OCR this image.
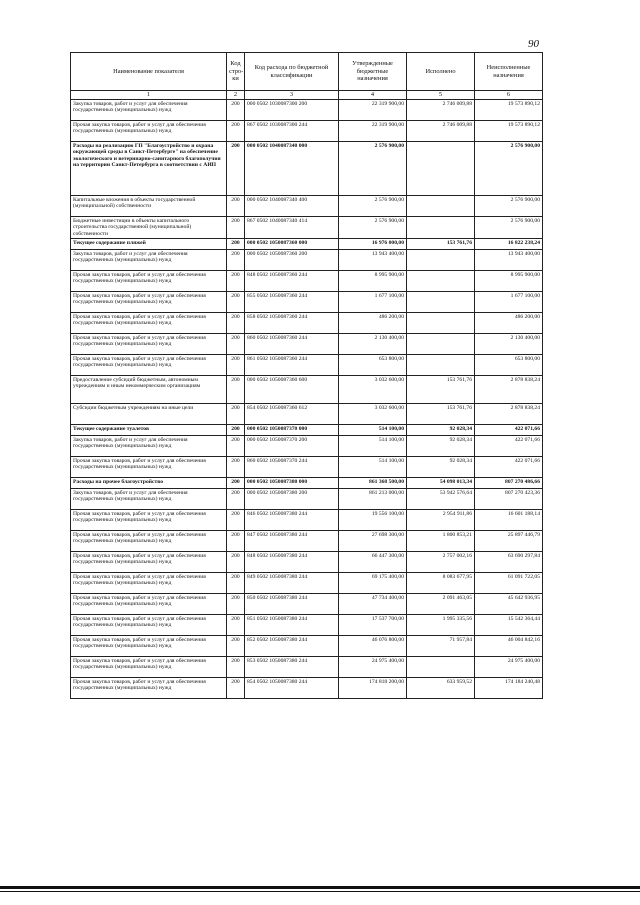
90
Наименование показателя	Код стро-ки	Код расхода по бюджетной классификации	Утвержденные бюджетные назначения	Исполнено	Неисполненные назначения
1	2	3	4	5	6
Закупка товаров, работ и услуг для обеспечения государственных (муниципальных) нужд	200	000 0502 1030087300 200	22 319 900,00	2 746 009,88	19 573 890,12
Прочая закупка товаров, работ и услуг для обеспечения государственных (муниципальных) нужд	200	867 0502 1030087300 244	22 319 900,00	2 746 009,88	19 573 890,12
Расходы на реализацию ГП "Благоустройство и охрана окружающей среды в Санкт-Петербурге" на обеспечение экологического и ветеринарно-санитарного благополучия на территории Санкт-Петербурга в соответствии с АИП	200	000 0502 1040087340 000	2 576 900,00		2 576 900,00
Капитальные вложения в объекты государственной (муниципальной) собственности	200	000 0502 1040087340 400	2 576 900,00		2 576 900,00
Бюджетные инвестиции в объекты капитального строительства государственной (муниципальной) собственности	200	867 0502 1040087340 414	2 576 900,00		2 576 900,00
Текущее содержание пляжей	200	000 0502 1050087360 000	16 976 000,00	153 761,76	16 822 238,24
Закупка товаров, работ и услуг для обеспечения государственных (муниципальных) нужд	200	000 0502 1050087360 200	13 943 400,00		13 943 400,00
Прочая закупка товаров, работ и услуг для обеспечения государственных (муниципальных) нужд	200	848 0502 1050087360 244	8 995 900,00		8 995 900,00
Прочая закупка товаров, работ и услуг для обеспечения государственных (муниципальных) нужд	200	855 0502 1050087360 244	1 677 100,00		1 677 100,00
Прочая закупка товаров, работ и услуг для обеспечения государственных (муниципальных) нужд	200	858 0502 1050087360 244	486 200,00		486 200,00
Прочая закупка товаров, работ и услуг для обеспечения государственных (муниципальных) нужд	200	860 0502 1050087360 244	2 130 400,00		2 130 400,00
Прочая закупка товаров, работ и услуг для обеспечения государственных (муниципальных) нужд	200	861 0502 1050087360 244	653 800,00		653 800,00
Предоставление субсидий бюджетным, автономным учреждениям и иным некоммерческим организациям	200	000 0502 1050087360 600	3 032 600,00	153 761,76	2 878 838,24
Субсидии бюджетным учреждениям на иные цели	200	854 0502 1050087360 612	3 032 600,00	153 761,76	2 878 838,24
Текущее содержание туалетов	200	000 0502 1050087370 000	514 100,00	92 028,34	422 071,66
Закупка товаров, работ и услуг для обеспечения государственных (муниципальных) нужд	200	000 0502 1050087370 200	514 100,00	92 028,34	422 071,66
Прочая закупка товаров, работ и услуг для обеспечения государственных (муниципальных) нужд	200	860 0502 1050087370 244	514 100,00	92 028,34	422 071,66
Расходы на прочее благоустройство	200	000 0502 1050087380 000	861 368 500,00	54 098 013,34	807 270 486,66
Закупка товаров, работ и услуг для обеспечения государственных (муниципальных) нужд	200	000 0502 1050087380 200	861 213 000,00	53 942 576,64	807 270 423,36
Прочая закупка товаров, работ и услуг для обеспечения государственных (муниципальных) нужд	200	846 0502 1050087380 244	19 556 100,00	2 954 911,86	16 601 188,14
Прочая закупка товаров, работ и услуг для обеспечения государственных (муниципальных) нужд	200	847 0502 1050087380 244	27 698 300,00	1 800 853,21	25 897 446,79
Прочая закупка товаров, работ и услуг для обеспечения государственных (муниципальных) нужд	200	848 0502 1050087380 244	66 447 300,00	2 757 002,16	63 690 297,84
Прочая закупка товаров, работ и услуг для обеспечения государственных (муниципальных) нужд	200	849 0502 1050087380 244	69 175 400,00	8 083 677,95	61 091 722,05
Прочая закупка товаров, работ и услуг для обеспечения государственных (муниципальных) нужд	200	850 0502 1050087380 244	47 734 400,00	2 091 463,05	45 642 936,95
Прочая закупка товаров, работ и услуг для обеспечения государственных (муниципальных) нужд	200	851 0502 1050087380 244	17 537 700,00	1 995 335,56	15 542 364,44
Прочая закупка товаров, работ и услуг для обеспечения государственных (муниципальных) нужд	200	852 0502 1050087380 244	46 076 800,00	71 957,84	46 004 842,16
Прочая закупка товаров, работ и услуг для обеспечения государственных (муниципальных) нужд	200	853 0502 1050087380 244	24 975 400,00		24 975 400,00
Прочая закупка товаров, работ и услуг для обеспечения государственных (муниципальных) нужд	200	854 0502 1050087380 244	174 818 200,00	633 959,52	174 184 240,48
